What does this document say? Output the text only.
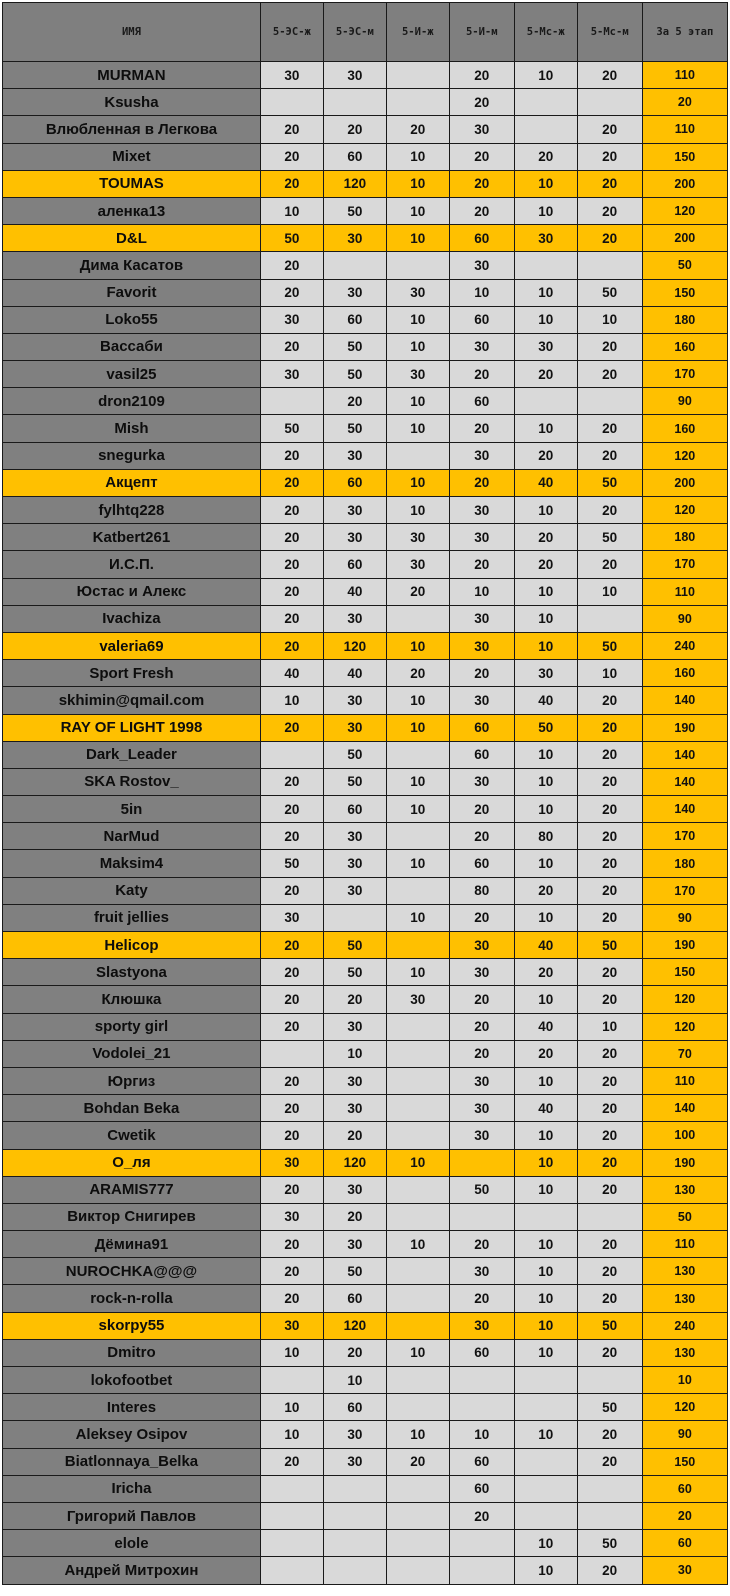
ИМЯ	5-ЭС-ж	5-ЭС-м	5-И-ж	5-И-м	5-Мс-ж	5-Мс-м	За 5 этап
MURMAN	30	30		20	10	20	110
Ksusha				20			20
Влюбленная в Легкова	20	20	20	30		20	110
Mixet	20	60	10	20	20	20	150
TOUMAS	20	120	10	20	10	20	200
аленка13	10	50	10	20	10	20	120
D&L	50	30	10	60	30	20	200
Дима Касатов	20			30			50
Favorit	20	30	30	10	10	50	150
Loko55	30	60	10	60	10	10	180
Вассаби	20	50	10	30	30	20	160
vasil25	30	50	30	20	20	20	170
dron2109		20	10	60			90
Mish	50	50	10	20	10	20	160
snegurka	20	30		30	20	20	120
Акцепт	20	60	10	20	40	50	200
fylhtq228	20	30	10	30	10	20	120
Katbert261	20	30	30	30	20	50	180
И.С.П.	20	60	30	20	20	20	170
Юстас и Алекс	20	40	20	10	10	10	110
Ivachiza	20	30		30	10		90
valeria69	20	120	10	30	10	50	240
Sport Fresh	40	40	20	20	30	10	160
skhimin@qmail.com	10	30	10	30	40	20	140
RAY OF LIGHT 1998	20	30	10	60	50	20	190
Dark_Leader		50		60	10	20	140
SKA Rostov_	20	50	10	30	10	20	140
5in	20	60	10	20	10	20	140
NarMud	20	30		20	80	20	170
Maksim4	50	30	10	60	10	20	180
Katy	20	30		80	20	20	170
fruit jellies	30		10	20	10	20	90
Helicop	20	50		30	40	50	190
Slastyona	20	50	10	30	20	20	150
Клюшка	20	20	30	20	10	20	120
sporty girl	20	30		20	40	10	120
Vodolei_21		10		20	20	20	70
Юргиз	20	30		30	10	20	110
Bohdan Beka	20	30		30	40	20	140
Cwetik	20	20		30	10	20	100
О_ля	30	120	10		10	20	190
ARAMIS777	20	30		50	10	20	130
Виктор Снигирев	30	20					50
Дёмина91	20	30	10	20	10	20	110
NUROCHKA@@@	20	50		30	10	20	130
rock-n-rolla	20	60		20	10	20	130
skorpy55	30	120		30	10	50	240
Dmitro	10	20	10	60	10	20	130
lokofootbet		10					10
Interes	10	60				50	120
Aleksey Osipov	10	30	10	10	10	20	90
Biatlonnaya_Belka	20	30	20	60		20	150
Iricha				60			60
Григорий Павлов				20			20
elole					10	50	60
Андрей Митрохин					10	20	30
